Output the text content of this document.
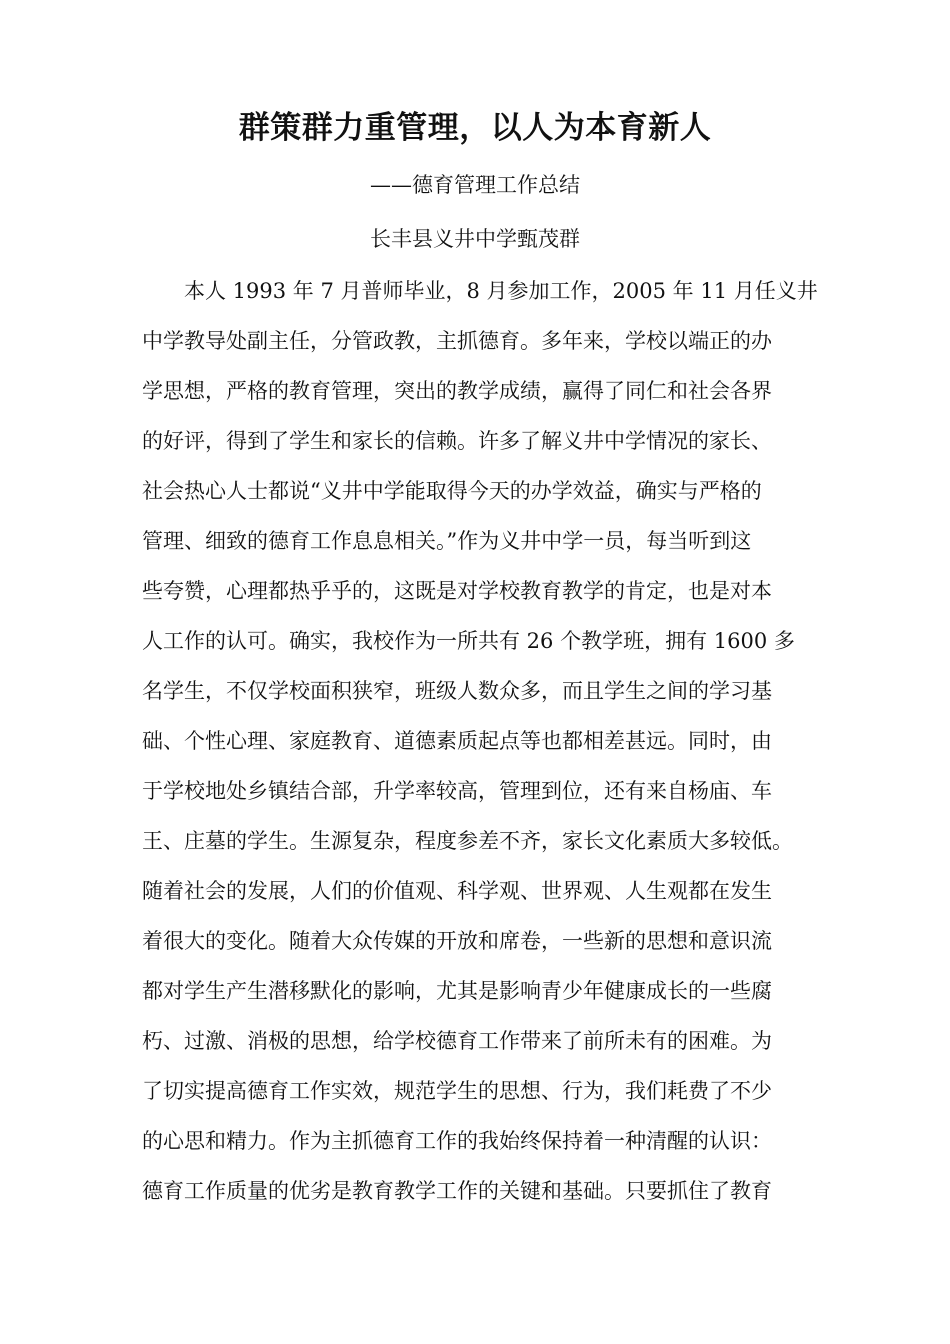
群策群力重管理，以人为本育新人
——德育管理工作总结
长丰县义井中学甄茂群
本人 1993 年 7 月普师毕业，8 月参加工作，2005 年 11 月任义井
中学教导处副主任，分管政教，主抓德育。多年来，学校以端正的办
学思想，严格的教育管理，突出的教学成绩，赢得了同仁和社会各界
的好评，得到了学生和家长的信赖。许多了解义井中学情况的家长、
社会热心人士都说“义井中学能取得今天的办学效益，确实与严格的
管理、细致的德育工作息息相关。”作为义井中学一员，每当听到这
些夸赞，心理都热乎乎的，这既是对学校教育教学的肯定，也是对本
人工作的认可。确实，我校作为一所共有 26 个教学班，拥有 1600 多
名学生，不仅学校面积狭窄，班级人数众多，而且学生之间的学习基
础、个性心理、家庭教育、道德素质起点等也都相差甚远。同时，由
于学校地处乡镇结合部，升学率较高，管理到位，还有来自杨庙、车
王、庄墓的学生。生源复杂，程度参差不齐，家长文化素质大多较低。
随着社会的发展，人们的价值观、科学观、世界观、人生观都在发生
着很大的变化。随着大众传媒的开放和席卷，一些新的思想和意识流
都对学生产生潜移默化的影响，尤其是影响青少年健康成长的一些腐
朽、过激、消极的思想，给学校德育工作带来了前所未有的困难。为
了切实提高德育工作实效，规范学生的思想、行为，我们耗费了不少
的心思和精力。作为主抓德育工作的我始终保持着一种清醒的认识：
德育工作质量的优劣是教育教学工作的关键和基础。只要抓住了教育
